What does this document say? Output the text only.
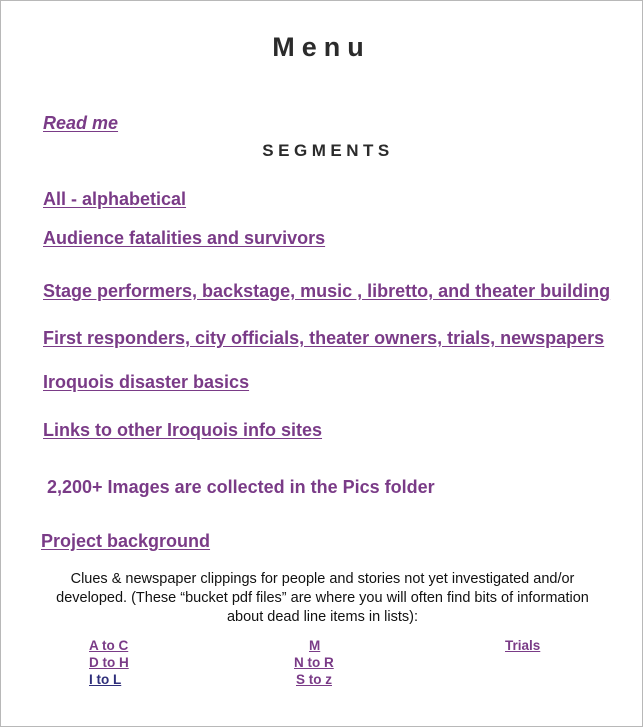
Menu
Read me
SEGMENTS
All - alphabetical
Audience fatalities and survivors
Stage performers, backstage, music , libretto, and theater building
First responders, city officials, theater owners, trials, newspapers
Iroquois disaster basics
Links to other Iroquois info sites
2,200+ Images are collected in the Pics folder
Project background
Clues & newspaper clippings for people and stories not yet investigated and/or developed. (These “bucket pdf files” are where you will often find bits of information about dead line items in lists):
A to C
D to H
I to L
M
N to R
S to z
Trials
